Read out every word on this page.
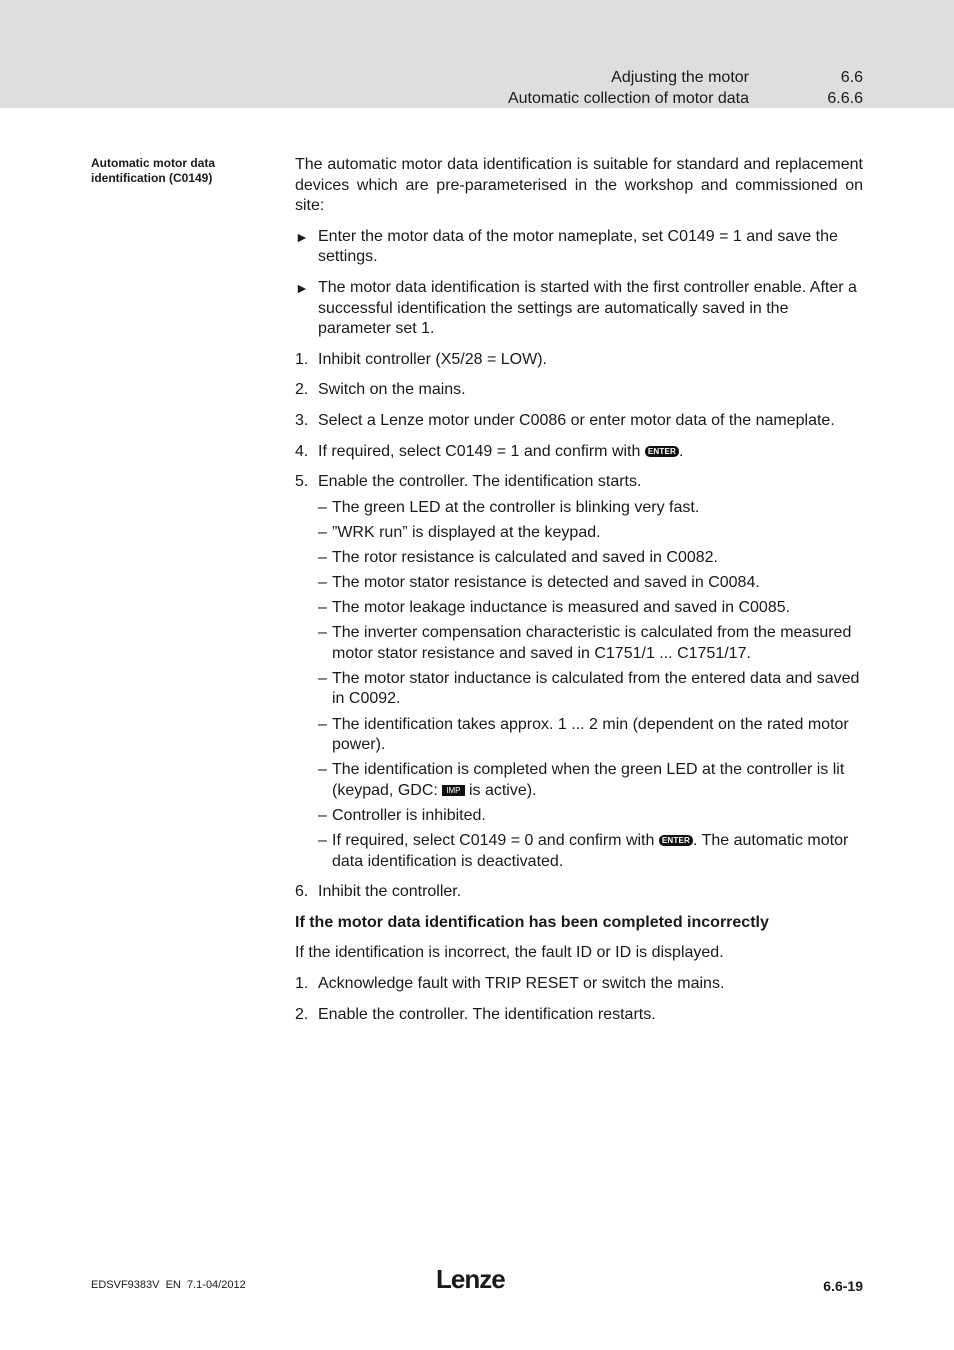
Adjusting the motor	6.6
Automatic collection of motor data	6.6.6
Automatic motor data identification (C0149)

The automatic motor data identification is suitable for standard and replacement devices which are pre-parameterised in the workshop and commissioned on site:

► Enter the motor data of the motor nameplate, set C0149 = 1 and save the settings.
► The motor data identification is started with the first controller enable. After a successful identification the settings are automatically saved in the parameter set 1.
1. Inhibit controller (X5/28 = LOW).
2. Switch on the mains.
3. Select a Lenze motor under C0086 or enter motor data of the nameplate.
4. If required, select C0149 = 1 and confirm with ENTER .
5. Enable the controller. The identification starts.
– The green LED at the controller is blinking very fast.
– ”WRK run” is displayed at the keypad.
– The rotor resistance is calculated and saved in C0082.
– The motor stator resistance is detected and saved in C0084.
– The motor leakage inductance is measured and saved in C0085.
– The inverter compensation characteristic is calculated from the measured motor stator resistance and saved in C1751/1 ... C1751/17.
– The motor stator inductance is calculated from the entered data and saved in C0092.
– The identification takes approx. 1 ... 2 min (dependent on the rated motor power).
– The identification is completed when the green LED at the controller is lit (keypad, GDC: IMP is active).
– Controller is inhibited.
– If required, select C0149 = 0 and confirm with ENTER . The automatic motor data identification is deactivated.
6. Inhibit the controller.
If the motor data identification has been completed incorrectly

If the identification is incorrect, the fault ID or ID is displayed.

1. Acknowledge fault with TRIP RESET or switch the mains.
2. Enable the controller. The identification restarts.
EDSVF9383V  EN  7.1-04/2012	Lenze	6.6-19
